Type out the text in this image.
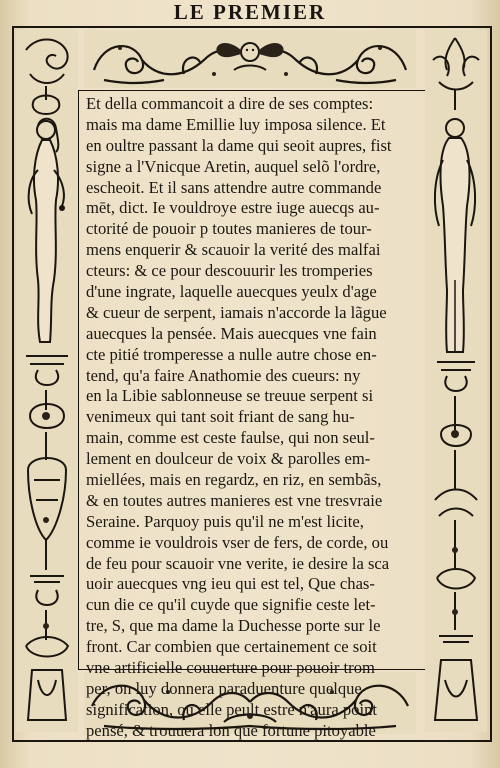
LE PREMIER
Et della commancoit a dire de ses comptes:
mais ma dame Emillie luy imposa silence. Et
en oultre passant la dame qui seoit aupres, fist
signe a l'Vnicque Aretin, auquel selõ l'ordre,
escheoit. Et il sans attendre autre commande
mēt, dict. Ie vouldroye estre iuge auecqs au-
ctorité de pouoir p toutes manieres de tour-
mens enquerir & scauoir la verité des malfai
cteurs: & ce pour descouurir les tromperies
d'une ingrate, laquelle auecques yeulx d'age
& cueur de serpent, iamais n'accorde la lãgue
auecques la pensée. Mais auecques vne fain
cte pitié tromperesse a nulle autre chose en-
tend, qu'a faire Anathomie des cueurs: ny
en la Libie sablonneuse se treuue serpent si
venimeux qui tant soit friant de sang hu-
main, comme est ceste faulse, qui non seul-
lement en doulceur de voix & parolles em-
miellées, mais en regardz, en riz, en sembãs,
& en toutes autres manieres est vne tresvraie
Seraine. Parquoy puis qu'il ne m'est licite,
comme ie vouldrois vser de fers, de corde, ou
de feu pour scauoir vne verite, ie desire la sca
uoir auecques vng ieu qui est tel, Que chas-
cun die ce qu'il cuyde que signifie ceste let-
tre, S, que ma dame la Duchesse porte sur le
front. Car combien que certainement ce soit
vne artificielle couuerture pour pouoir trom
per, on luy donnera paraduenture quelque
signification, ou elle peult estre n'aura point
pensé, & trouuera lon que fortune pitoyable
